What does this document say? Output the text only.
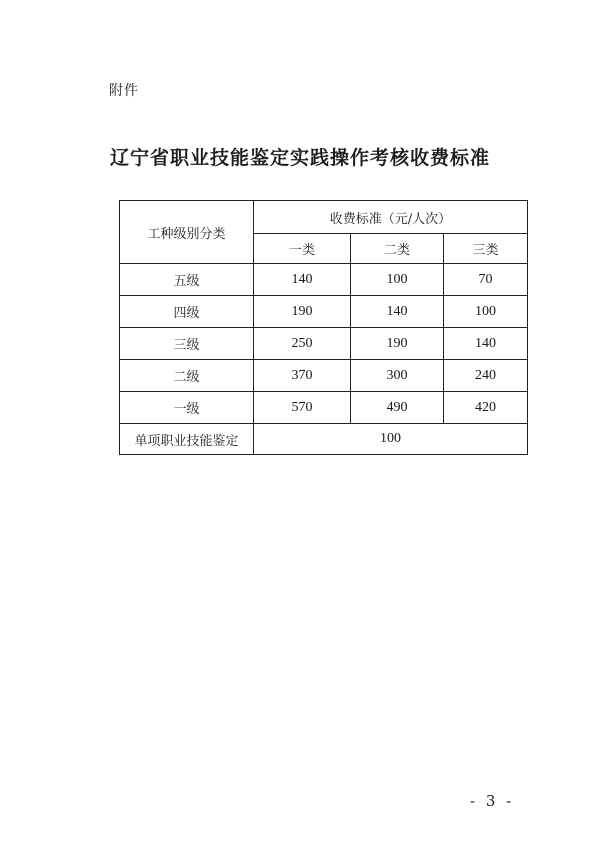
附件
辽宁省职业技能鉴定实践操作考核收费标准
工种级别分类	收费标准（元/人次）		
	一类	二类	三类
五级	140	100	70
四级	190	140	100
三级	250	190	140
二级	370	300	240
一级	570	490	420
单项职业技能鉴定	100		
- 3 -
